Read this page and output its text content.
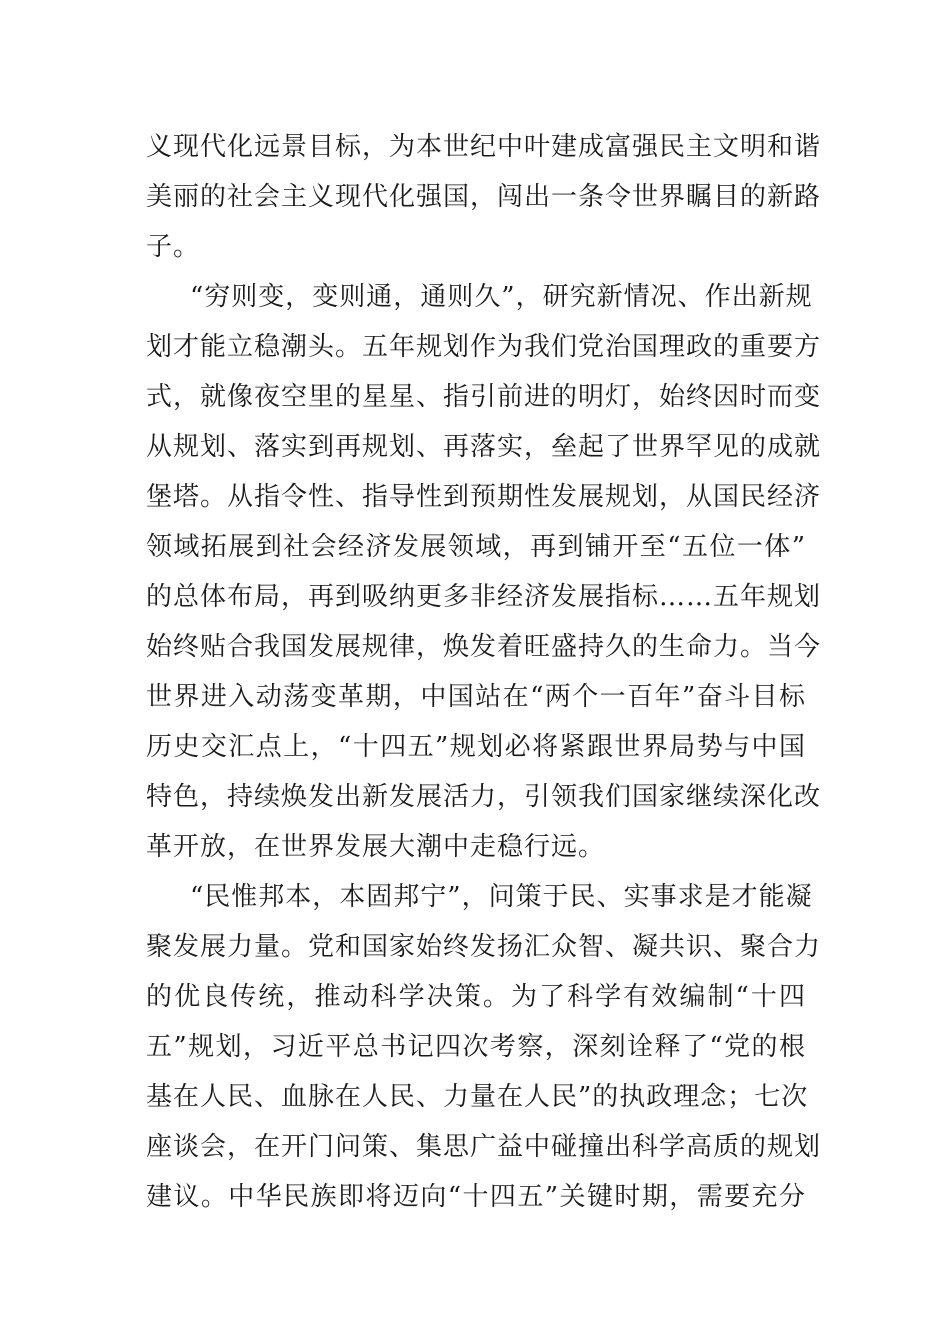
义现代化远景目标，为本世纪中叶建成富强民主文明和谐
美丽的社会主义现代化强国，闯出一条令世界瞩目的新路
子。
“穷则变，变则通，通则久”，研究新情况、作出新规
划才能立稳潮头。五年规划作为我们党治国理政的重要方
式，就像夜空里的星星、指引前进的明灯，始终因时而变
从规划、落实到再规划、再落实，垒起了世界罕见的成就
堡塔。从指令性、指导性到预期性发展规划，从国民经济
领域拓展到社会经济发展领域，再到铺开至“五位一体”
的总体布局，再到吸纳更多非经济发展指标……五年规划
始终贴合我国发展规律，焕发着旺盛持久的生命力。当今
世界进入动荡变革期，中国站在“两个一百年”奋斗目标
历史交汇点上，“十四五”规划必将紧跟世界局势与中国
特色，持续焕发出新发展活力，引领我们国家继续深化改
革开放，在世界发展大潮中走稳行远。
“民惟邦本，本固邦宁”，问策于民、实事求是才能凝
聚发展力量。党和国家始终发扬汇众智、凝共识、聚合力
的优良传统，推动科学决策。为了科学有效编制“十四
五”规划，习近平总书记四次考察，深刻诠释了“党的根
基在人民、血脉在人民、力量在人民”的执政理念；七次
座谈会，在开门问策、集思广益中碰撞出科学高质的规划
建议。中华民族即将迈向“十四五”关键时期，需要充分
